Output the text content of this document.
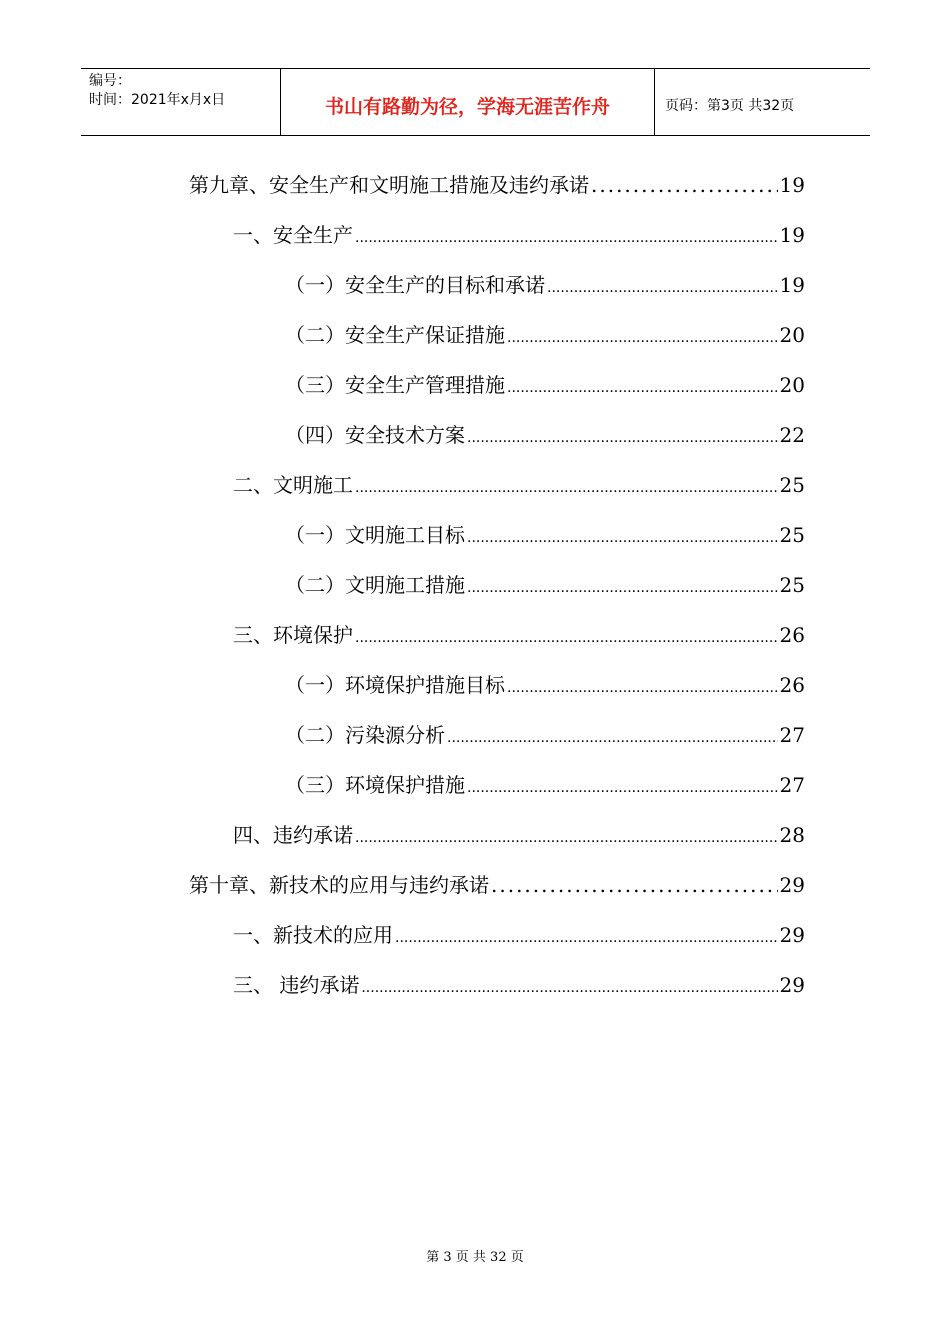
编号：
时间：2021年x月x日	书山有路勤为径，学海无涯苦作舟	页码：第3页 共32页
第九章、安全生产和文明施工措施及违约承诺 .....	19
一、安全生产 .....	19
（一）安全生产的目标和承诺 .....	19
（二）安全生产保证措施 .....	20
（三）安全生产管理措施 .....	20
（四）安全技术方案 .....	22
二、文明施工 .....	25
（一）文明施工目标 .....	25
（二）文明施工措施 .....	25
三、环境保护 .....	26
（一）环境保护措施目标 .....	26
（二）污染源分析 .....	27
（三）环境保护措施 .....	27
四、违约承诺 .....	28
第十章、新技术的应用与违约承诺 .....	29
一、新技术的应用 .....	29
三、 违约承诺 .....	29
第 3 页 共 32 页
